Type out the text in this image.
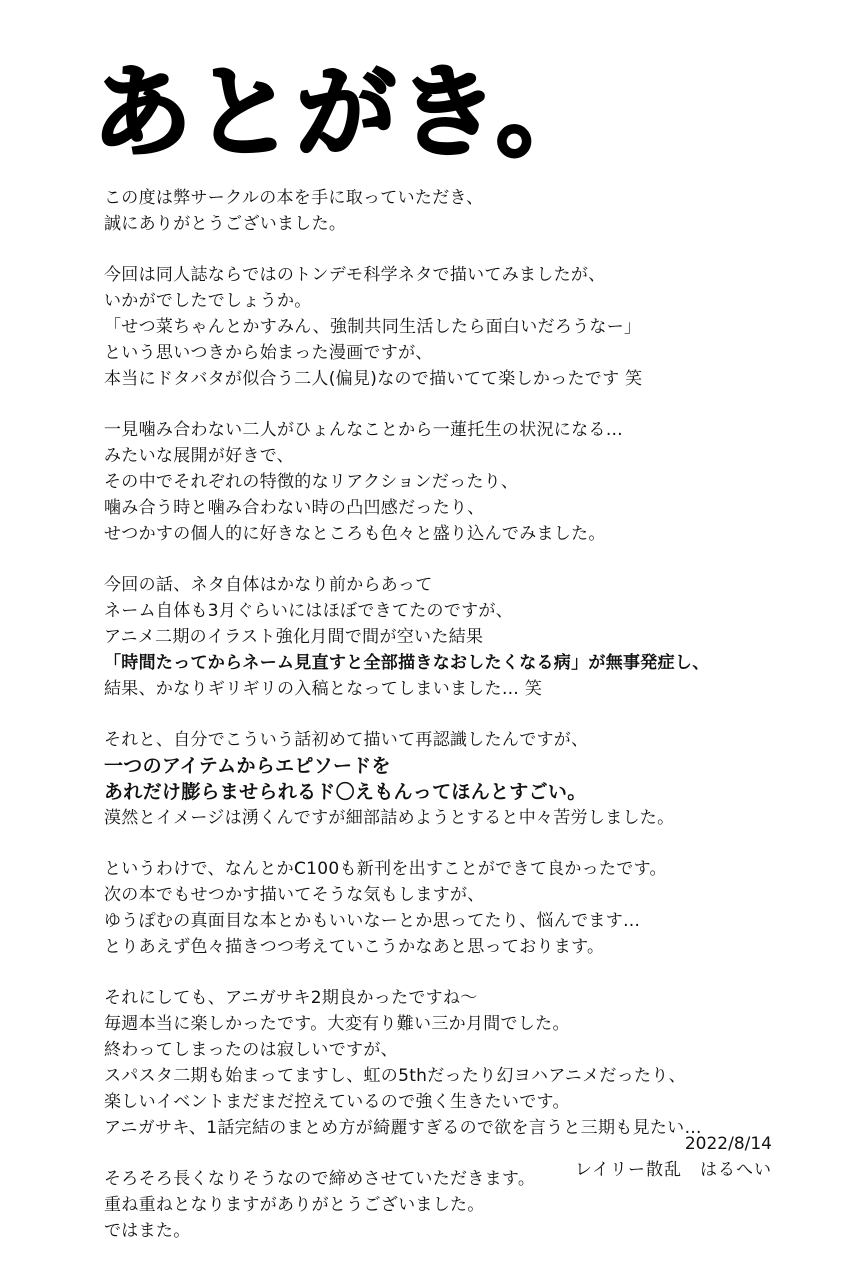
あとがき。
この度は弊サークルの本を手に取っていただき、
誠にありがとうございました。
今回は同人誌ならではのトンデモ科学ネタで描いてみましたが、
いかがでしたでしょうか。
「せつ菜ちゃんとかすみん、強制共同生活したら面白いだろうなー」
という思いつきから始まった漫画ですが、
本当にドタバタが似合う二人(偏見)なので描いてて楽しかったです 笑
一見噛み合わない二人がひょんなことから一蓮托生の状況になる…
みたいな展開が好きで、
その中でそれぞれの特徴的なリアクションだったり、
噛み合う時と噛み合わない時の凸凹感だったり、
せつかすの個人的に好きなところも色々と盛り込んでみました。
今回の話、ネタ自体はかなり前からあって
ネーム自体も3月ぐらいにはほぼできてたのですが、
アニメ二期のイラスト強化月間で間が空いた結果
「時間たってからネーム見直すと全部描きなおしたくなる病」が無事発症し、
結果、かなりギリギリの入稿となってしまいました… 笑
それと、自分でこういう話初めて描いて再認識したんですが、
一つのアイテムからエピソードを
あれだけ膨らませられるド〇えもんってほんとすごい。
漠然とイメージは湧くんですが細部詰めようとすると中々苦労しました。
というわけで、なんとかC100も新刊を出すことができて良かったです。
次の本でもせつかす描いてそうな気もしますが、
ゆうぽむの真面目な本とかもいいなーとか思ってたり、悩んでます…
とりあえず色々描きつつ考えていこうかなあと思っております。
それにしても、アニガサキ2期良かったですね～
毎週本当に楽しかったです。大変有り難い三か月間でした。
終わってしまったのは寂しいですが、
スパスタ二期も始まってますし、虹の5thだったり幻ヨハアニメだったり、
楽しいイベントまだまだ控えているので強く生きたいです。
アニガサキ、1話完結のまとめ方が綺麗すぎるので欲を言うと三期も見たい…
そろそろ長くなりそうなので締めさせていただきます。
重ね重ねとなりますがありがとうございました。
ではまた。
2022/8/14
レイリー散乱　はるへい
